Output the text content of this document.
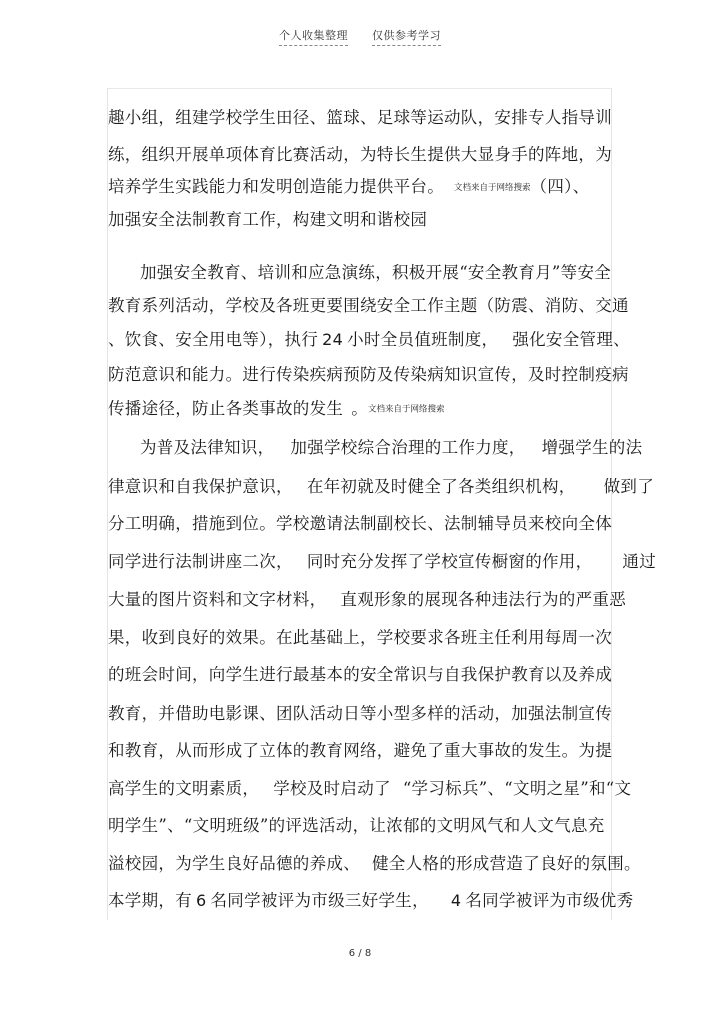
个人收集整理 仅供参考学习
趣小组，组建学校学生田径、篮球、足球等运动队，安排专人指导训
练，组织开展单项体育比赛活动，为特长生提供大显身手的阵地，为
培养学生实践能力和发明创造能力提供平台。 文档来自于网络搜索（四）、
加强安全法制教育工作，构建文明和谐校园
加强安全教育、培训和应急演练，积极开展“安全教育月”等安全
教育系列活动，学校及各班更要围绕安全工作主题（防震、消防、交通
、饮食、安全用电等），执行 24 小时全员值班制度， 强化安全管理、
防范意识和能力。进行传染疾病预防及传染病知识宣传，及时控制疫病
传播途径，防止各类事故的发生 。文档来自于网络搜索
为普及法律知识， 加强学校综合治理的工作力度， 增强学生的法
律意识和自我保护意识， 在年初就及时健全了各类组织机构， 做到了
分工明确，措施到位。学校邀请法制副校长、法制辅导员来校向全体
同学进行法制讲座二次， 同时充分发挥了学校宣传橱窗的作用， 通过
大量的图片资料和文字材料， 直观形象的展现各种违法行为的严重恶
果，收到良好的效果。在此基础上，学校要求各班主任利用每周一次
的班会时间，向学生进行最基本的安全常识与自我保护教育以及养成
教育，并借助电影课、团队活动日等小型多样的活动，加强法制宣传
和教育，从而形成了立体的教育网络，避免了重大事故的发生。为提
高学生的文明素质， 学校及时启动了 “学习标兵”、“文明之星”和“文
明学生”、“文明班级”的评选活动，让浓郁的文明风气和人文气息充
溢校园，为学生良好品德的养成、 健全人格的形成营造了良好的氛围。
本学期，有 6 名同学被评为市级三好学生， 4 名同学被评为市级优秀
6 / 8
